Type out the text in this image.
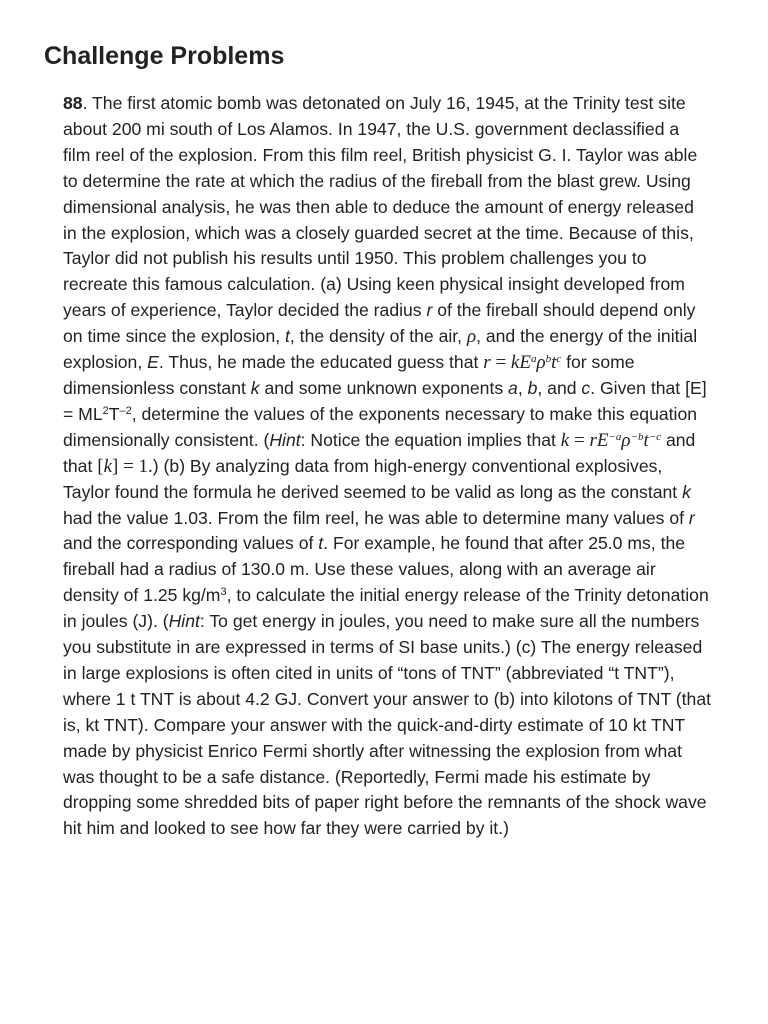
Challenge Problems

88. The first atomic bomb was detonated on July 16, 1945, at the Trinity test site about 200 mi south of Los Alamos. In 1947, the U.S. government declassified a film reel of the explosion. From this film reel, British physicist G. I. Taylor was able to determine the rate at which the radius of the fireball from the blast grew. Using dimensional analysis, he was then able to deduce the amount of energy released in the explosion, which was a closely guarded secret at the time. Because of this, Taylor did not publish his results until 1950. This problem challenges you to recreate this famous calculation. (a) Using keen physical insight developed from years of experience, Taylor decided the radius r of the fireball should depend only on time since the explosion, t, the density of the air, ρ, and the energy of the initial explosion, E. Thus, he made the educated guess that $r = kE^a\rho^bt^c$ for some dimensionless constant k and some unknown exponents a, b, and c. Given that $[E] = ML^2T^{-2}$, determine the values of the exponents necessary to make this equation dimensionally consistent. (Hint: Notice the equation implies that $k = rE^{-a}\rho^{-b}t^{-c}$ and that [k] = 1.) (b) By analyzing data from high-energy conventional explosives, Taylor found the formula he derived seemed to be valid as long as the constant k had the value 1.03. From the film reel, he was able to determine many values of r and the corresponding values of t. For example, he found that after 25.0 ms, the fireball had a radius of 130.0 m. Use these values, along with an average air density of 1.25 $kg/m^3$, to calculate the initial energy release of the Trinity detonation in joules (J). (Hint: To get energy in joules, you need to make sure all the numbers you substitute in are expressed in terms of SI base units.) (c) The energy released in large explosions is often cited in units of “tons of TNT” (abbreviated “t TNT”), where 1 t TNT is about 4.2 GJ. Convert your answer to (b) into kilotons of TNT (that is, kt TNT). Compare your answer with the quick-and-dirty estimate of 10 kt TNT made by physicist Enrico Fermi shortly after witnessing the explosion from what was thought to be a safe distance. (Reportedly, Fermi made his estimate by dropping some shredded bits of paper right before the remnants of the shock wave hit him and looked to see how far they were carried by it.)
